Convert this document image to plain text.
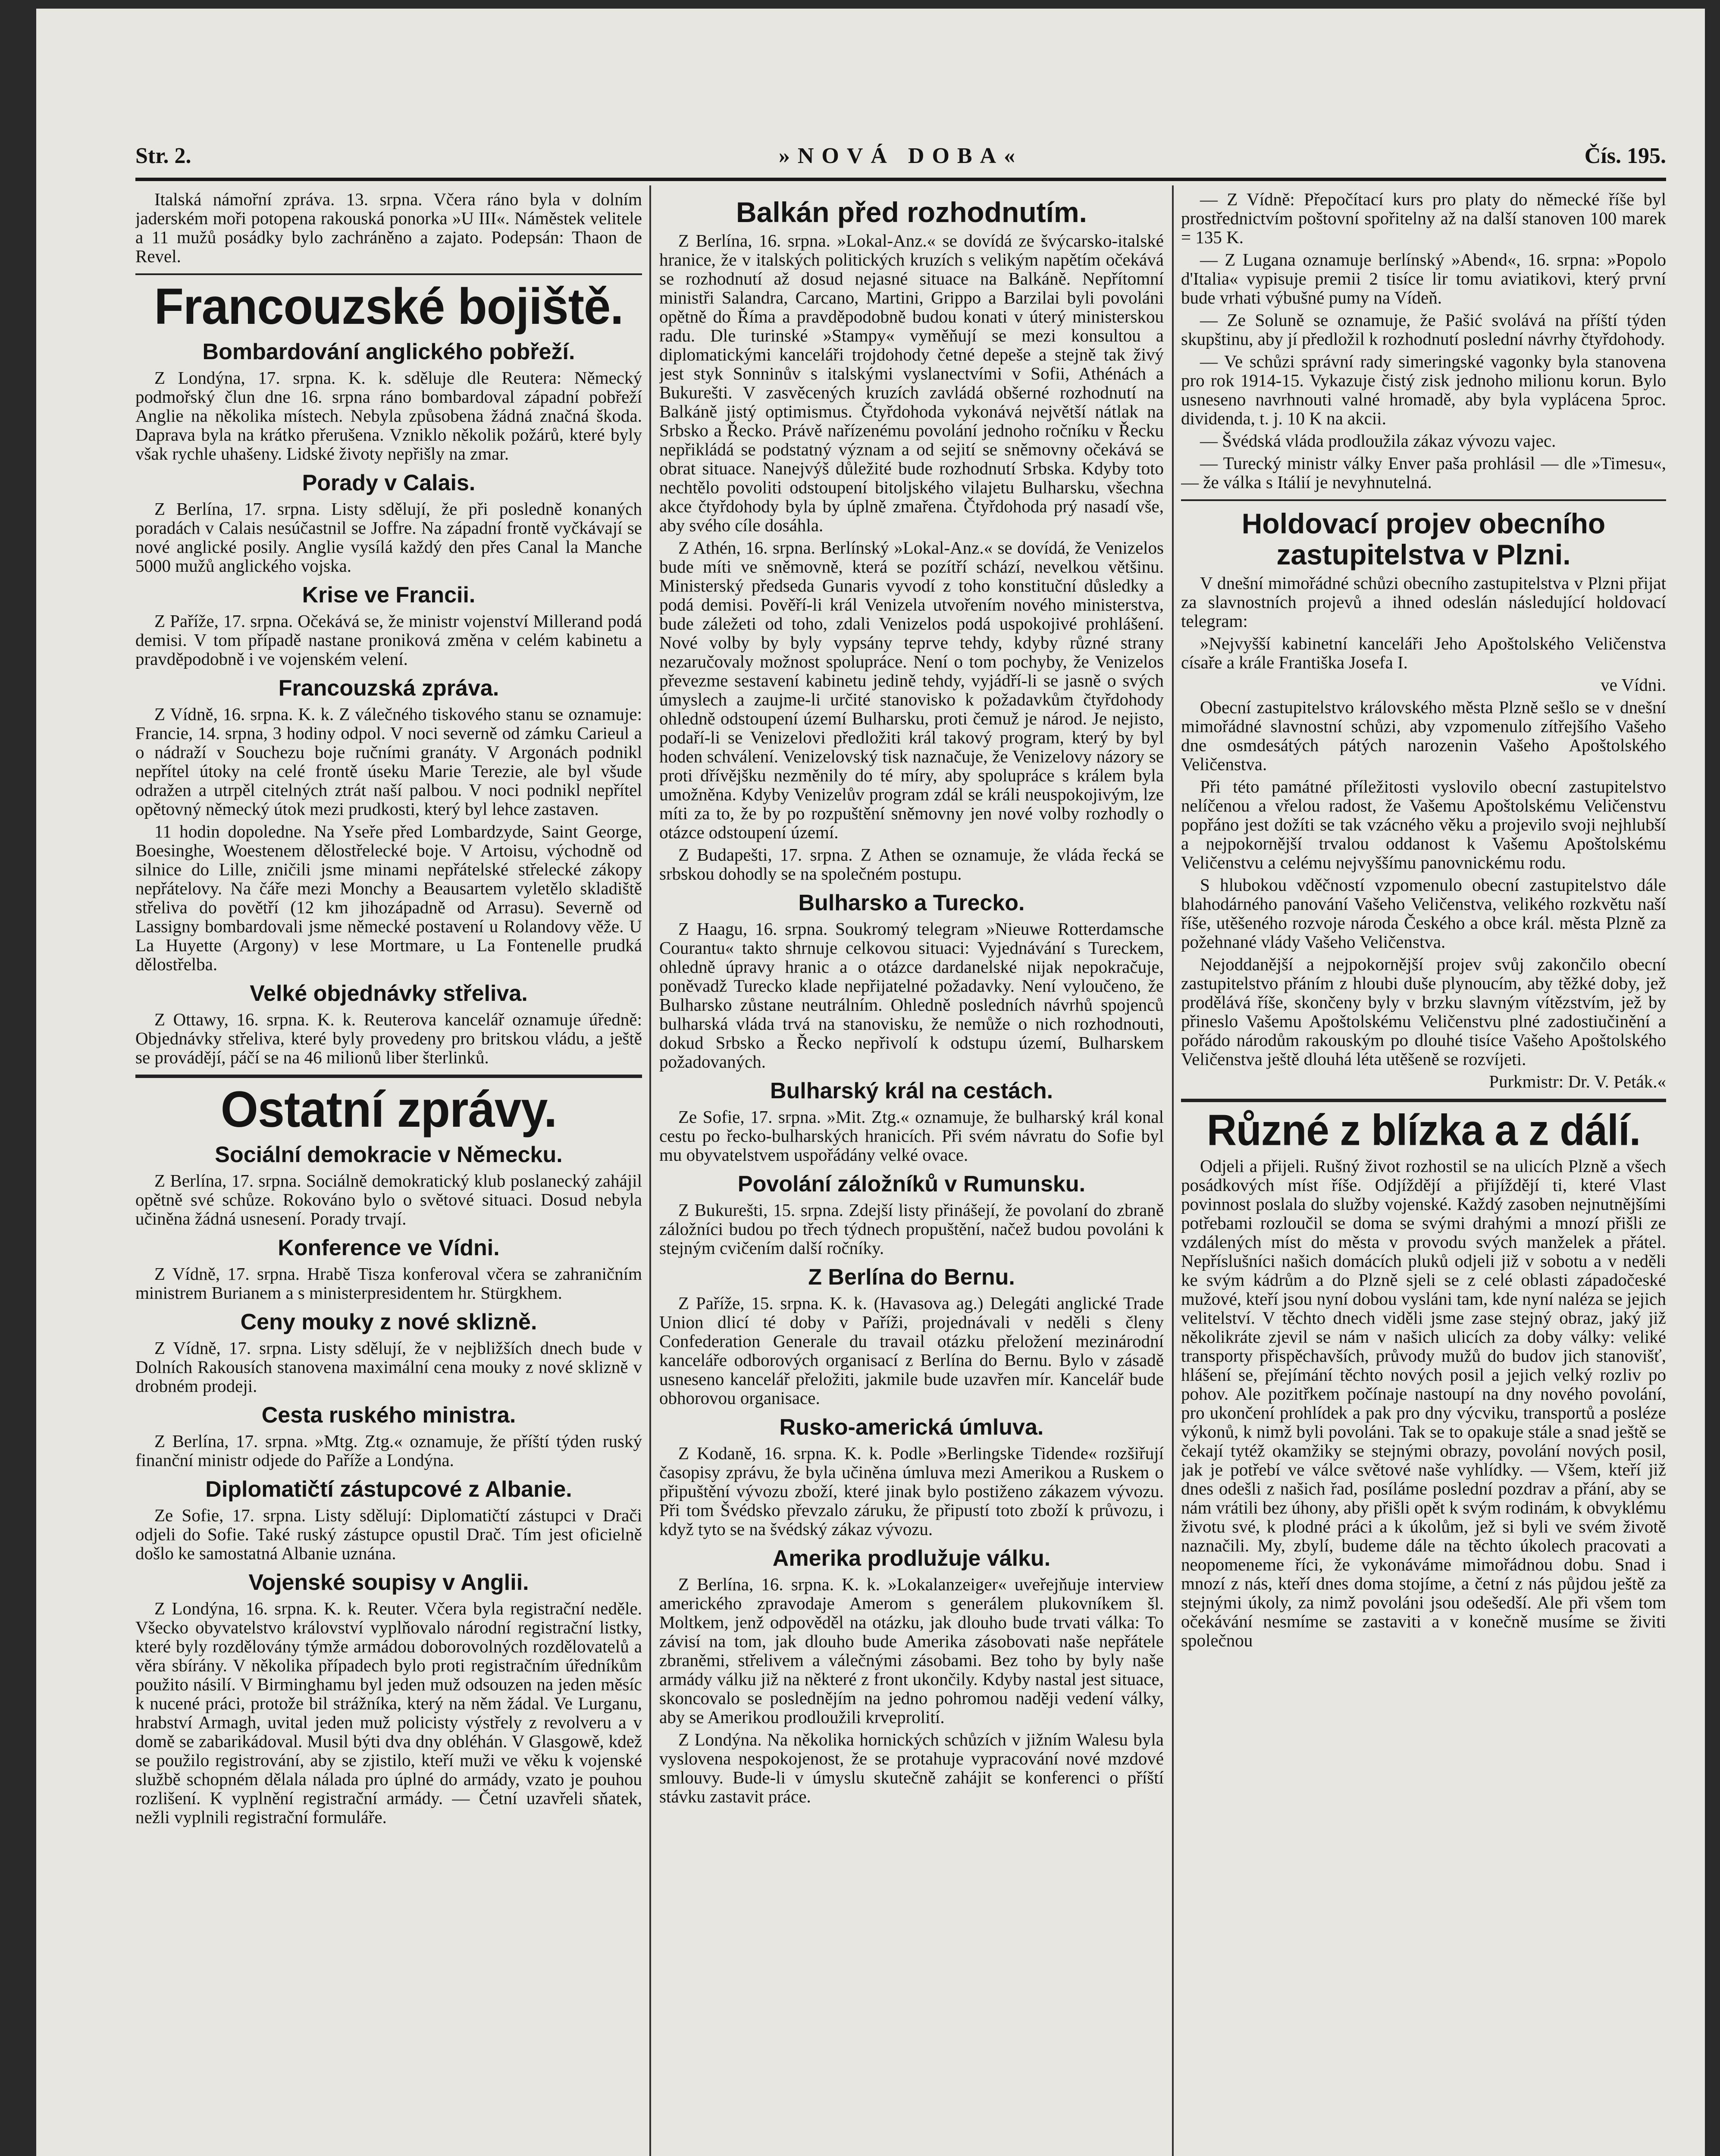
Str. 2.	»NOVÁ DOBA«	Čís. 195.

Italská námořní zpráva. 13. srpna. Včera ráno byla v dolním jaderském moři potopena rakouská ponorka »U III«. Náměstek velitele a 11 mužů posádky bylo zachráněno a zajato. Podepsán: Thaon de Revel.

Francouzské bojiště.
Bombardování anglického pobřeží.

Z Londýna, 17. srpna. K. k. sděluje dle Reutera: Německý podmořský člun dne 16. srpna ráno bombardoval západní pobřeží Anglie na několika místech. Nebyla způsobena žádná značná škoda. Daprava byla na krátko přerušena. Vzniklo několik požárů, které byly však rychle uhašeny. Lidské životy nepřišly na zmar.

Porady v Calais.

Z Berlína, 17. srpna. Listy sdělují, že při posledně konaných poradách v Calais nesúčastnil se Joffre. Na západní frontě vyčkávají se nové anglické posily. Anglie vysílá každý den přes Canal la Manche 5000 mužů anglického vojska.

Krise ve Francii.

Z Paříže, 17. srpna. Očekává se, že ministr vojenství Millerand podá demisi. V tom případě nastane proniková změna v celém kabinetu a pravděpodobně i ve vojenském velení.

Francouzská zpráva.

Z Vídně, 16. srpna. K. k. Z válečného tiskového stanu se oznamuje: Francie, 14. srpna, 3 hodiny odpol. V noci severně od zámku Carieul a o nádraží v Souchezu boje ručními granáty. V Argonách podnikl nepřítel útoky na celé frontě úseku Marie Terezie, ale byl všude odražen a utrpěl citelných ztrát naší palbou. V noci podnikl nepřítel opětovný německý útok mezi prudkosti, který byl lehce zastaven.

11 hodin dopoledne. Na Yseře před Lombardzyde, Saint George, Boesinghe, Woestenem dělostřelecké boje. V Artoisu, východně od silnice do Lille, zničili jsme minami nepřátelské střelecké zákopy nepřátelovy. Na čáře mezi Monchy a Beausartem vyletělo skladiště střeliva do povětří (12 km jihozápadně od Arrasu). Severně od Lassigny bombardovali jsme německé postavení u Rolandovy věže. U La Huyette (Argony) v lese Mortmare, u La Fontenelle prudká dělostřelba.

Velké objednávky střeliva.

Z Ottawy, 16. srpna. K. k. Reuterova kancelář oznamuje úředně: Objednávky střeliva, které byly provedeny pro britskou vládu, a ještě se provádějí, páčí se na 46 milionů liber šterlinků.

Ostatní zprávy.
Sociální demokracie v Německu.

Z Berlína, 17. srpna. Sociálně demokratický klub poslanecký zahájil opětně své schůze. Rokováno bylo o světové situaci. Dosud nebyla učiněna žádná usnesení. Porady trvají.

Konference ve Vídni.

Z Vídně, 17. srpna. Hrabě Tisza konferoval včera se zahraničním ministrem Burianem a s ministerpresidentem hr. Stürgkhem.

Ceny mouky z nové sklizně.

Z Vídně, 17. srpna. Listy sdělují, že v nejbližších dnech bude v Dolních Rakousích stanovena maximální cena mouky z nové sklizně v drobném prodeji.

Cesta ruského ministra.

Z Berlína, 17. srpna. »Mtg. Ztg.« oznamuje, že příští týden ruský finanční ministr odjede do Paříže a Londýna.

Diplomatičtí zástupcové z Albanie.

Ze Sofie, 17. srpna. Listy sdělují: Diplomatičtí zástupci v Drači odjeli do Sofie. Také ruský zástupce opustil Drač. Tím jest oficielně došlo ke samostatná Albanie uznána.

Vojenské soupisy v Anglii.

Z Londýna, 16. srpna. K. k. Reuter. Včera byla registrační neděle. Všecko obyvatelstvo království vyplňovalo národní registrační listky, které byly rozdělovány týmže armádou doborovolných rozdělovatelů a věra sbírány. V několika případech bylo proti registračním úředníkům použito násilí. V Birminghamu byl jeden muž odsouzen na jeden měsíc k nucené práci, protože bil strážníka, který na něm žádal. Ve Lurganu, hrabství Armagh, uvital jeden muž policisty výstřely z revolveru a v domě se zabarikádoval. Musil býti dva dny obléhán. V Glasgowě, kdež se použilo registrování, aby se zjistilo, kteří muži ve věku k vojenské službě schopném dělala nálada pro úplné do armády, vzato je pouhou rozlišení. K vyplnění registrační armády. — Četní uzavřeli sňatek, nežli vyplnili registrační formuláře.

Balkán před rozhodnutím.

Z Berlína, 16. srpna. »Lokal-Anz.« se dovídá ze švýcarsko-italské hranice, že v italských politických kruzích s velikým napětím očekává se rozhodnutí až dosud nejasné situace na Balkáně. Nepřítomní ministři Salandra, Carcano, Martini, Grippo a Barzilai byli povoláni opětně do Říma a pravděpodobně budou konati v úterý ministerskou radu. Dle turinské »Stampy« vyměňují se mezi konsultou a diplomatickými kanceláři trojdohody četné depeše a stejně tak živý jest styk Sonninův s italskými vyslanectvími v Sofii, Athénách a Bukurešti. V zasvěcených kruzích zavládá obšerné rozhodnutí na Balkáně jistý optimismus. Čtyřdohoda vykonává největší nátlak na Srbsko a Řecko. Právě nařízenému povolání jednoho ročníku v Řecku nepřikládá se podstatný význam a od sejití se sněmovny očekává se obrat situace. Nanejvýš důležité bude rozhodnutí Srbska. Kdyby toto nechtělo povoliti odstoupení bitoljského vilajetu Bulharsku, všechna akce čtyřdohody byla by úplně zmařena. Čtyřdohoda prý nasadí vše, aby svého cíle dosáhla.

Z Athén, 16. srpna. Berlínský »Lokal-Anz.« se dovídá, že Venizelos bude míti ve sněmovně, která se pozítří schází, nevelkou většinu. Ministerský předseda Gunaris vyvodí z toho konstituční důsledky a podá demisi. Pověří-li král Venizela utvořením nového ministerstva, bude záležeti od toho, zdali Venizelos podá uspokojivé prohlášení. Nové volby by byly vypsány teprve tehdy, kdyby různé strany nezaručovaly možnost spolupráce. Není o tom pochyby, že Venizelos převezme sestavení kabinetu jedině tehdy, vyjádří-li se jasně o svých úmyslech a zaujme-li určité stanovisko k požadavkům čtyřdohody ohledně odstoupení území Bulharsku, proti čemuž je národ. Je nejisto, podaří-li se Venizelovi předložiti král takový program, který by byl hoden schválení. Venizelovský tisk naznačuje, že Venizelovy názory se proti dřívějšku nezměnily do té míry, aby spolupráce s králem byla umožněna. Kdyby Venizelův program zdál se králi neuspokojivým, lze míti za to, že by po rozpuštění sněmovny jen nové volby rozhodly o otázce odstoupení území.

Z Budapešti, 17. srpna. Z Athen se oznamuje, že vláda řecká se srbskou dohodly se na společném postupu.

Bulharsko a Turecko.

Z Haagu, 16. srpna. Soukromý telegram »Nieuwe Rotterdamsche Courantu« takto shrnuje celkovou situaci: Vyjednávání s Tureckem, ohledně úpravy hranic a o otázce dardanelské nijak nepokračuje, poněvadž Turecko klade nepřijatelné požadavky. Není vyloučeno, že Bulharsko zůstane neutrálním. Ohledně posledních návrhů spojenců bulharská vláda trvá na stanovisku, že nemůže o nich rozhodnouti, dokud Srbsko a Řecko nepřivolí k odstupu území, Bulharskem požadovaných.

Bulharský král na cestách.

Ze Sofie, 17. srpna. »Mit. Ztg.« oznamuje, že bulharský král konal cestu po řecko-bulharských hranicích. Při svém návratu do Sofie byl mu obyvatelstvem uspořádány velké ovace.

Povolání záložníků v Rumunsku.

Z Bukurešti, 15. srpna. Zdejší listy přinášejí, že povolaní do zbraně záložníci budou po třech týdnech propuštění, načež budou povoláni k stejným cvičením další ročníky.

Z Berlína do Bernu.

Z Paříže, 15. srpna. K. k. (Havasova ag.) Delegáti anglické Trade Union dlicí té doby v Paříži, projednávali v neděli s členy Confederation Generale du travail otázku přeložení mezinárodní kanceláře odborových organisací z Berlína do Bernu. Bylo v zásadě usneseno kancelář přeložiti, jakmile bude uzavřen mír. Kancelář bude obhorovou organisace.

Rusko-americká úmluva.

Z Kodaně, 16. srpna. K. k. Podle »Berlingske Tidende« rozšiřují časopisy zprávu, že byla učiněna úmluva mezi Amerikou a Ruskem o připuštění vývozu zboží, které jinak bylo postiženo zákazem vývozu. Při tom Švédsko převzalo záruku, že připustí toto zboží k průvozu, i když tyto se na švédský zákaz vývozu.

Amerika prodlužuje válku.

Z Berlína, 16. srpna. K. k. »Lokalanzeiger« uveřejňuje interview amerického zpravodaje Amerom s generálem plukovníkem šl. Moltkem, jenž odpověděl na otázku, jak dlouho bude trvati válka: To závisí na tom, jak dlouho bude Amerika zásobovati naše nepřátele zbraněmi, střelivem a válečnými zásobami. Bez toho by byly naše armády válku již na některé z front ukončily. Kdyby nastal jest situace, skoncovalo se poslednějím na jedno pohromou naději vedení války, aby se Amerikou prodloužili krveprolití.

Z Londýna. Na několika hornických schůzích v jižním Walesu byla vyslovena nespokojenost, že se protahuje vypracování nové mzdové smlouvy. Bude-li v úmyslu skutečně zahájit se konferenci o příští stávku zastavit práce.

— Z Vídně: Přepočítací kurs pro platy do německé říše byl prostřednictvím poštovní spořitelny až na další stanoven 100 marek = 135 K.

— Z Lugana oznamuje berlínský »Abend«, 16. srpna: »Popolo d'Italia« vypisuje premii 2 tisíce lir tomu aviatikovi, který první bude vrhati výbušné pumy na Vídeň.

— Ze Soluně se oznamuje, že Pašić svolává na příští týden skupštinu, aby jí předložil k rozhodnutí poslední návrhy čtyřdohody.

— Ve schůzi správní rady simeringské vagonky byla stanovena pro rok 1914-15. Vykazuje čistý zisk jednoho milionu korun. Bylo usneseno navrhnouti valné hromadě, aby byla vyplácena 5proc. dividenda, t. j. 10 K na akcii.

— Švédská vláda prodloužila zákaz vývozu vajec.

— Turecký ministr války Enver paša prohlásil — dle »Timesu«, — že válka s Itálií je nevyhnutelná.

Holdovací projev obecního zastupitelstva v Plzni.

V dnešní mimořádné schůzi obecního zastupitelstva v Plzni přijat za slavnostních projevů a ihned odeslán následující holdovací telegram:

»Nejvyšší kabinetní kanceláři Jeho Apoštolského Veličenstva císaře a krále Františka Josefa I.

ve Vídni.

Obecní zastupitelstvo královského města Plzně sešlo se v dnešní mimořádné slavnostní schůzi, aby vzpomenulo zítřejšího Vašeho dne osmdesátých pátých narozenin Vašeho Apoštolského Veličenstva.

Při této památné příležitosti vyslovilo obecní zastupitelstvo nelíčenou a vřelou radost, že Vašemu Apoštolskému Veličenstvu popřáno jest dožíti se tak vzácného věku a projevilo svoji nejhlubší a nejpokornější trvalou oddanost k Vašemu Apoštolskému Veličenstvu a celému nejvyššímu panovnickému rodu.

S hlubokou vděčností vzpomenulo obecní zastupitelstvo dále blahodárného panování Vašeho Veličenstva, velikého rozkvětu naší říše, utěšeného rozvoje národa Českého a obce král. města Plzně za požehnané vlády Vašeho Veličenstva.

Nejoddanější a nejpokornější projev svůj zakončilo obecní zastupitelstvo přáním z hloubi duše plynoucím, aby těžké doby, jež prodělává říše, skončeny byly v brzku slavným vítězstvím, jež by přineslo Vašemu Apoštolskému Veličenstvu plné zadostiučinění a pořádo národům rakouským po dlouhé tisíce Vašeho Apoštolského Veličenstva ještě dlouhá léta utěšeně se rozvíjeti.

Purkmistr: Dr. V. Peták.«

Různé z blízka a z dálí.

Odjeli a přijeli. Rušný život rozhostil se na ulicích Plzně a všech posádkových míst říše. Odjíždějí a přijíždějí ti, které Vlast povinnost poslala do služby vojenské. Každý zasoben nejnutnějšími potřebami rozloučil se doma se svými drahými a mnozí přišli ze vzdálených míst do města v provodu svých manželek a přátel. Nepříslušníci našich domácích pluků odjeli již v sobotu a v neděli ke svým kádrům a do Plzně sjeli se z celé oblasti západočeské mužové, kteří jsou nyní dobou vysláni tam, kde nyní naléza se jejich velitelství. V těchto dnech viděli jsme zase stejný obraz, jaký již několikráte zjevil se nám v našich ulicích za doby války: veliké transporty přispěchavších, průvody mužů do budov jich stanovišť, hlášení se, přejímání těchto nových posil a jejich velký rozliv po pohov. Ale pozitřkem počínaje nastoupí na dny nového povolání, pro ukončení prohlídek a pak pro dny výcviku, transportů a posléze výkonů, k nimž byli povoláni. Tak se to opakuje stále a snad ještě se čekají tytéž okamžiky se stejnými obrazy, povolání nových posil, jak je potřebí ve válce světové naše vyhlídky. — Všem, kteří již dnes odešli z našich řad, posíláme poslední pozdrav a přání, aby se nám vrátili bez úhony, aby přišli opět k svým rodinám, k obvyklému životu své, k plodné práci a k úkolům, jež si byli ve svém životě naznačili. My, zbylí, budeme dále na těchto úkolech pracovati a neopomeneme říci, že vykonáváme mimořádnou dobu. Snad i mnozí z nás, kteří dnes doma stojíme, a četní z nás půjdou ještě za stejnými úkoly, za nimž povoláni jsou odešedší. Ale při všem tom očekávání nesmíme se zastaviti a v konečně musíme se živiti společnou
